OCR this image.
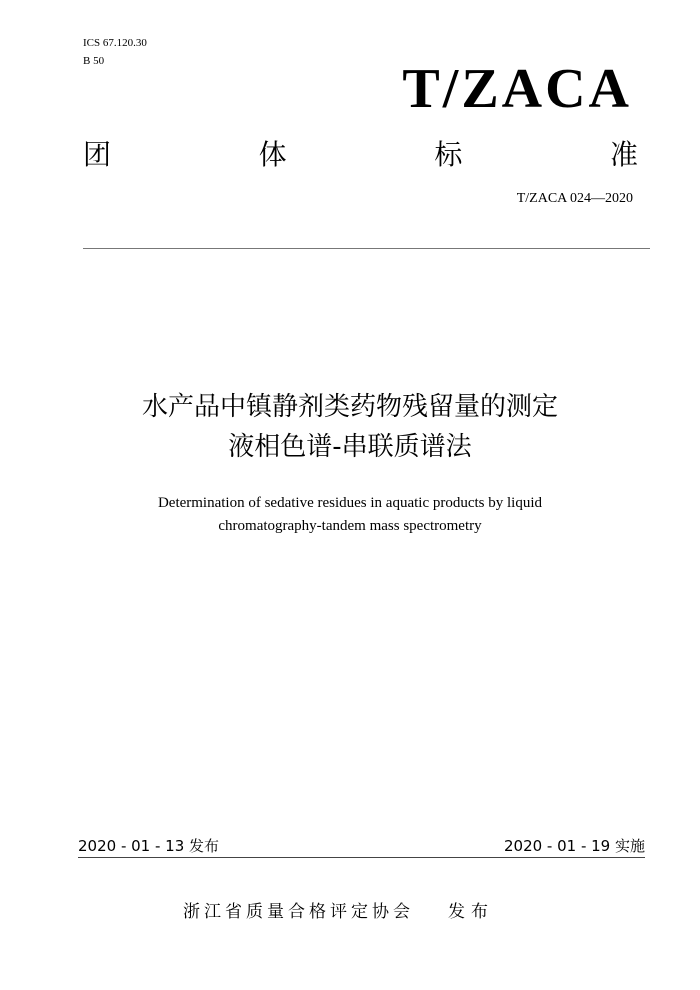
ICS 67.120.30
B 50	T/ZACA
团	体	标	准
T/ZACA 024—2020
水产品中镇静剂类药物残留量的测定
液相色谱-串联质谱法
Determination of sedative residues in aquatic products by liquid
chromatography-tandem mass spectrometry
2020 - 01 - 13 发布	2020 - 01 - 19 实施
浙江省质量合格评定协会 发布
